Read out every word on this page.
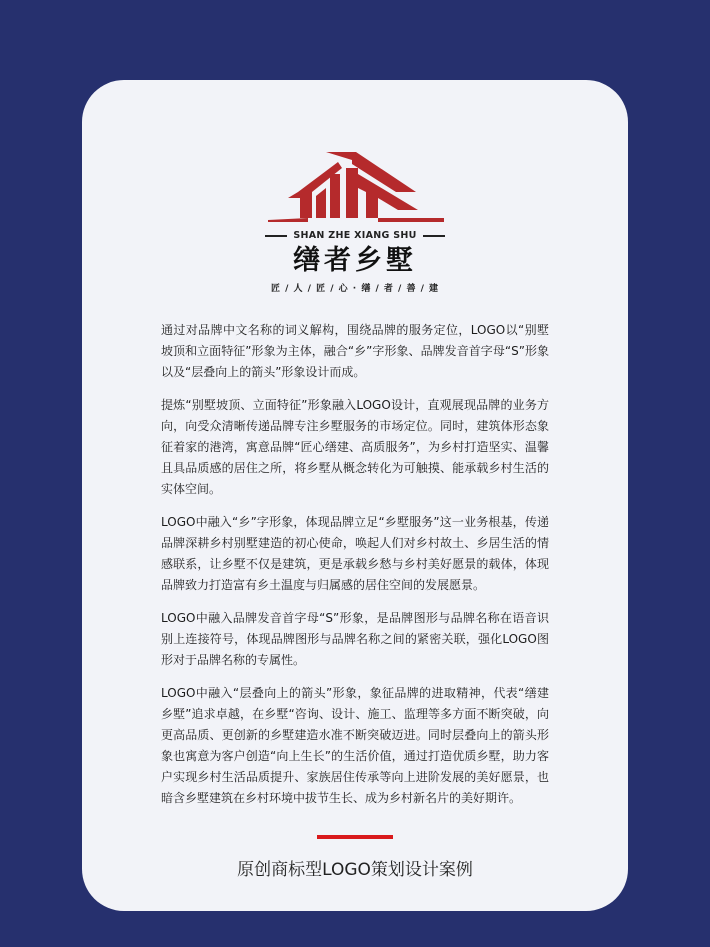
SHAN ZHE XIANG SHU
缮者乡墅
匠 / 人 / 匠 / 心 · 缮 / 者 / 善 / 建

通过对品牌中文名称的词义解构，围绕品牌的服务定位，LOGO以“别墅坡顶和立面特征”形象为主体，融合“乡”字形象、品牌发音首字母“S”形象以及“层叠向上的箭头”形象设计而成。

提炼“别墅坡顶、立面特征”形象融入LOGO设计，直观展现品牌的业务方向，向受众清晰传递品牌专注乡墅服务的市场定位。同时，建筑体形态象征着家的港湾，寓意品牌“匠心缮建、高质服务”，为乡村打造坚实、温馨且具品质感的居住之所，将乡墅从概念转化为可触摸、能承载乡村生活的实体空间。

LOGO中融入“乡”字形象，体现品牌立足“乡墅服务”这一业务根基，传递品牌深耕乡村别墅建造的初心使命，唤起人们对乡村故土、乡居生活的情感联系，让乡墅不仅是建筑，更是承载乡愁与乡村美好愿景的载体，体现品牌致力打造富有乡土温度与归属感的居住空间的发展愿景。

LOGO中融入品牌发音首字母“S”形象，是品牌图形与品牌名称在语音识别上连接符号，体现品牌图形与品牌名称之间的紧密关联，强化LOGO图形对于品牌名称的专属性。

LOGO中融入“层叠向上的箭头”形象，象征品牌的进取精神，代表“缮建乡墅”追求卓越，在乡墅“咨询、设计、施工、监理等多方面不断突破，向更高品质、更创新的乡墅建造水准不断突破迈进。同时层叠向上的箭头形象也寓意为客户创造“向上生长”的生活价值，通过打造优质乡墅，助力客户实现乡村生活品质提升、家族居住传承等向上进阶发展的美好愿景，也暗含乡墅建筑在乡村环境中拔节生长、成为乡村新名片的美好期许。

原创商标型LOGO策划设计案例
